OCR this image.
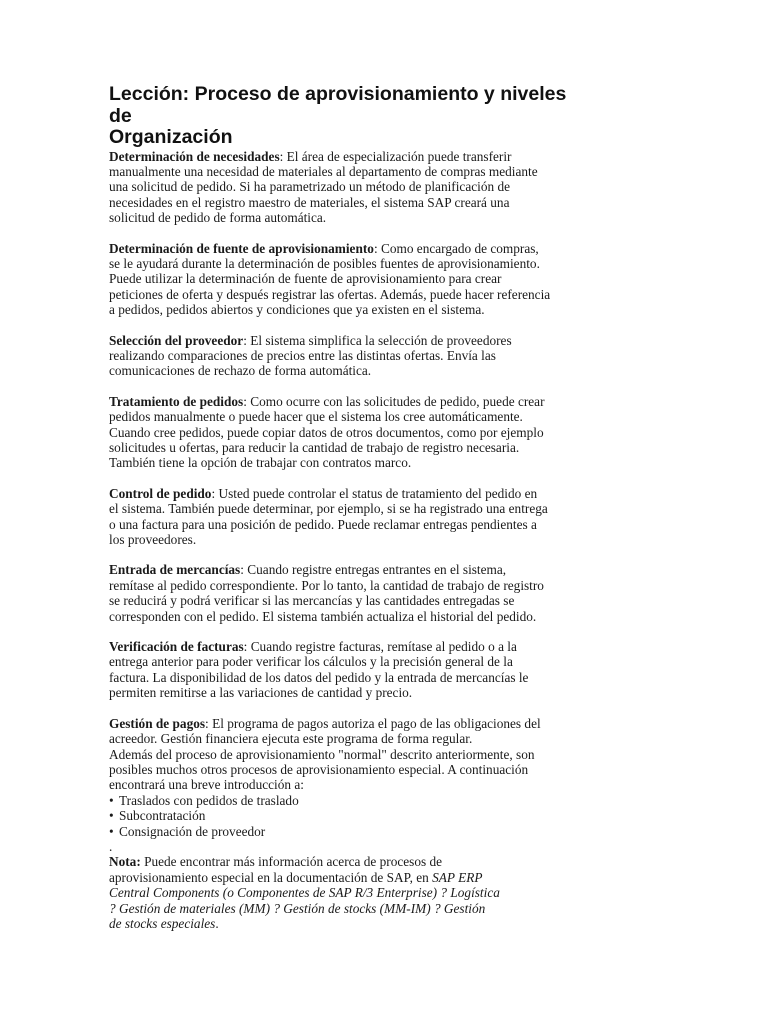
Lección: Proceso de aprovisionamiento y niveles de
Organización

Determinación de necesidades: El área de especialización puede transferir
manualmente una necesidad de materiales al departamento de compras mediante
una solicitud de pedido. Si ha parametrizado un método de planificación de
necesidades en el registro maestro de materiales, el sistema SAP creará una
solicitud de pedido de forma automática.

Determinación de fuente de aprovisionamiento: Como encargado de compras,
se le ayudará durante la determinación de posibles fuentes de aprovisionamiento.
Puede utilizar la determinación de fuente de aprovisionamiento para crear
peticiones de oferta y después registrar las ofertas. Además, puede hacer referencia
a pedidos, pedidos abiertos y condiciones que ya existen en el sistema.

Selección del proveedor: El sistema simplifica la selección de proveedores
realizando comparaciones de precios entre las distintas ofertas. Envía las
comunicaciones de rechazo de forma automática.

Tratamiento de pedidos: Como ocurre con las solicitudes de pedido, puede crear
pedidos manualmente o puede hacer que el sistema los cree automáticamente.
Cuando cree pedidos, puede copiar datos de otros documentos, como por ejemplo
solicitudes u ofertas, para reducir la cantidad de trabajo de registro necesaria.
También tiene la opción de trabajar con contratos marco.

Control de pedido: Usted puede controlar el status de tratamiento del pedido en
el sistema. También puede determinar, por ejemplo, si se ha registrado una entrega
o una factura para una posición de pedido. Puede reclamar entregas pendientes a
los proveedores.

Entrada de mercancías: Cuando registre entregas entrantes en el sistema,
remítase al pedido correspondiente. Por lo tanto, la cantidad de trabajo de registro
se reducirá y podrá verificar si las mercancías y las cantidades entregadas se
corresponden con el pedido. El sistema también actualiza el historial del pedido.

Verificación de facturas: Cuando registre facturas, remítase al pedido o a la
entrega anterior para poder verificar los cálculos y la precisión general de la
factura. La disponibilidad de los datos del pedido y la entrada de mercancías le
permiten remitirse a las variaciones de cantidad y precio.

Gestión de pagos: El programa de pagos autoriza el pago de las obligaciones del
acreedor. Gestión financiera ejecuta este programa de forma regular.
Además del proceso de aprovisionamiento "normal" descrito anteriormente, son
posibles muchos otros procesos de aprovisionamiento especial. A continuación
encontrará una breve introducción a:

• Traslados con pedidos de traslado
• Subcontratación
• Consignación de proveedor
.

Nota: Puede encontrar más información acerca de procesos de
aprovisionamiento especial en la documentación de SAP, en SAP ERP
Central Components (o Componentes de SAP R/3 Enterprise) ? Logística
? Gestión de materiales (MM) ? Gestión de stocks (MM-IM) ? Gestión
de stocks especiales.
